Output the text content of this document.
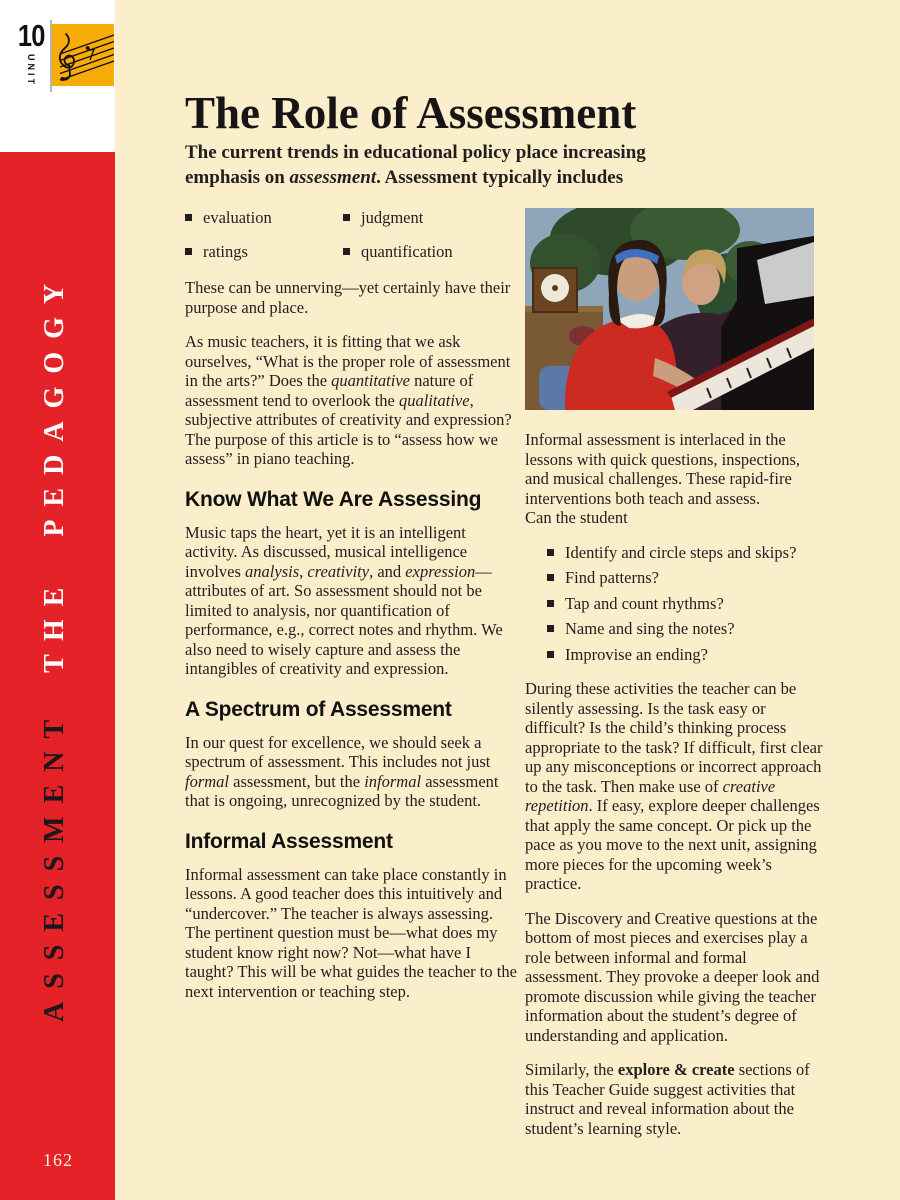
The Role of Assessment
The current trends in educational policy place increasing emphasis on assessment. Assessment typically includes
evaluation	judgment
ratings	quantification

These can be unnerving—yet certainly have their purpose and place.

As music teachers, it is fitting that we ask ourselves, “What is the proper role of assessment in the arts?” Does the quantitative nature of assessment tend to overlook the qualitative, subjective attributes of creativity and expression? The purpose of this article is to “assess how we assess” in piano teaching.

Know What We Are Assessing

Music taps the heart, yet it is an intelligent activity. As discussed, musical intelligence involves analysis, creativity, and expression—attributes of art. So assessment should not be limited to analysis, nor quantification of performance, e.g., correct notes and rhythm. We also need to wisely capture and assess the intangibles of creativity and expression.

A Spectrum of Assessment

In our quest for excellence, we should seek a spectrum of assessment. This includes not just formal assessment, but the informal assessment that is ongoing, unrecognized by the student.

Informal Assessment

Informal assessment can take place constantly in lessons. A good teacher does this intuitively and “undercover.” The teacher is always assessing. The pertinent question must be—what does my student know right now? Not—what have I taught? This will be what guides the teacher to the next intervention or teaching step.

Informal assessment is interlaced in the lessons with quick questions, inspections, and musical challenges. These rapid-fire interventions both teach and assess.
Can the student

Identify and circle steps and skips?
Find patterns?
Tap and count rhythms?
Name and sing the notes?
Improvise an ending?

During these activities the teacher can be silently assessing. Is the task easy or difficult? Is the child’s thinking process appropriate to the task? If difficult, first clear up any misconceptions or incorrect approach to the task. Then make use of creative repetition. If easy, explore deeper challenges that apply the same concept. Or pick up the pace as you move to the next unit, assigning more pieces for the upcoming week’s practice.

The Discovery and Creative questions at the bottom of most pieces and exercises play a role between informal and formal assessment. They provoke a deeper look and promote discussion while giving the teacher information about the student’s degree of understanding and application.

Similarly, the explore & create sections of this Teacher Guide suggest activities that instruct and reveal information about the student’s learning style.

ASSESSMENTTHE PEDAGOGY
162
10
UNIT
